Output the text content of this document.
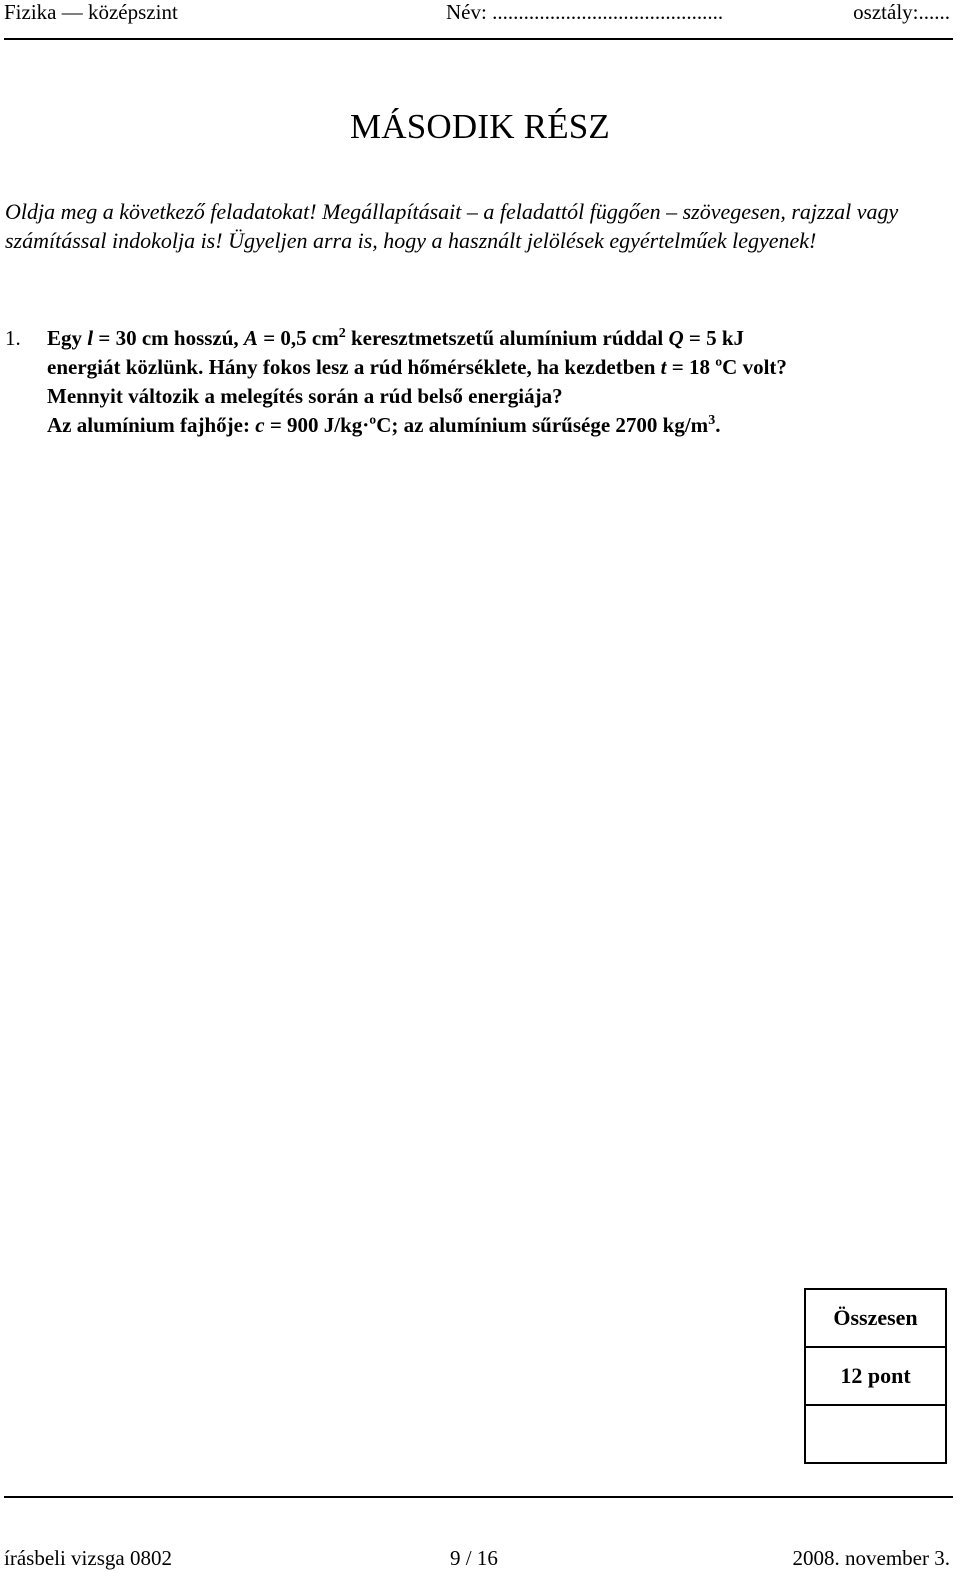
Fizika — középszint	Név: ............................................	osztály:......
MÁSODIK RÉSZ
Oldja meg a következő feladatokat! Megállapításait – a feladattól függően – szövegesen, rajzzal vagy számítással indokolja is! Ügyeljen arra is, hogy a használt jelölések egyértelműek legyenek!
1. Egy l = 30 cm hosszú, A = 0,5 $cm^2$ keresztmetszetű alumínium rúddal Q = 5 kJ
energiát közlünk. Hány fokos lesz a rúd hőmérséklete, ha kezdetben t = 18 ºC volt?
Mennyit változik a melegítés során a rúd belső energiája?
Az alumínium fajhője: c = 900 J/kg·ºC; az alumínium sűrűsége 2700 $kg/m^3$.
Összesen
12 pont

írásbeli vizsga 0802	9 / 16	2008. november 3.
